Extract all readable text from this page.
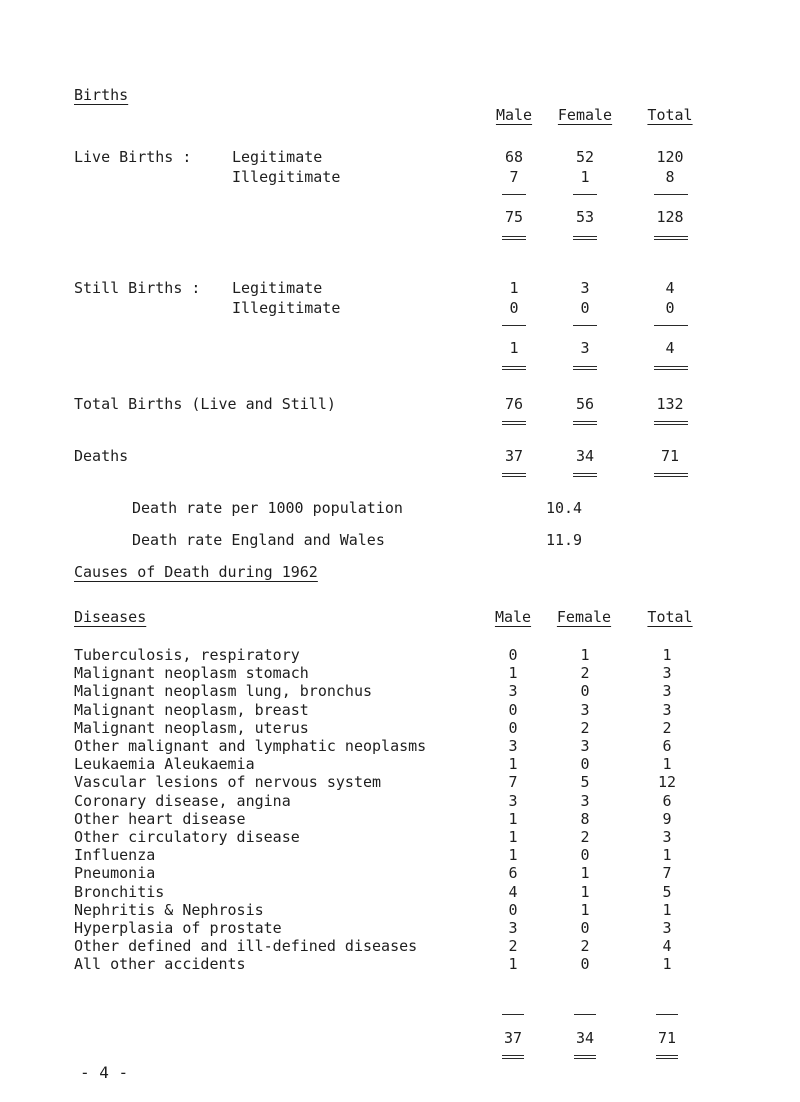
Births
Male	Female	Total
Live Births :	Legitimate	68	52	120
Illegitimate	7	1	8
75	53	128
Still Births : Legitimate	1	3	4
Illegitimate	0	0	0
1	3	4
Total Births (Live and Still)	76	56	132
Deaths	37	34	71
Death rate per 1000 population	10.4
Death rate England and Wales	11.9
Causes of Death during 1962
Diseases	Male	Female	Total
Tuberculosis, respiratory	0	1	1
Malignant neoplasm stomach	1	2	3
Malignant neoplasm lung, bronchus	3	0	3
Malignant neoplasm, breast	0	3	3
Malignant neoplasm, uterus	0	2	2
Other malignant and lymphatic neoplasms	3	3	6
Leukaemia Aleukaemia	1	0	1
Vascular lesions of nervous system	7	5	12
Coronary disease, angina	3	3	6
Other heart disease	1	8	9
Other circulatory disease	1	2	3
Influenza	1	0	1
Pneumonia	6	1	7
Bronchitis	4	1	5
Nephritis & Nephrosis	0	1	1
Hyperplasia of prostate	3	0	3
Other defined and ill-defined diseases	2	2	4
All other accidents	1	0	1
37	34	71
- 4 -
